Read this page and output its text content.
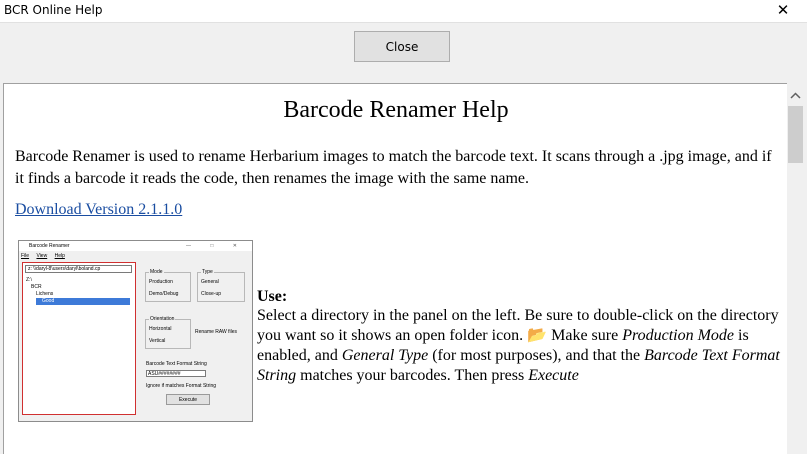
BCR Online Help	✕
Close
Barcode Renamer Help
Barcode Renamer is used to rename Herbarium images to match the barcode text. It scans through a .jpg image, and if it finds a barcode it reads the code, then renames the image with the same name.
Download Version 2.1.1.0
Barcode Renamer	— □ ✕
File View Help
z: \\daryl-8\users\daryl\boland.cp
Z:\
BCR
Lichens
Good
Mode
Production
Demo/Debug
Type
General
Close-up
Orientation
Horizontal
Vertical
Rename RAW files
Barcode Text Format String
ASU########
Ignore if matches Format String
Execute
Use:
Select a directory in the panel on the left. Be sure to double-click on the directory you want so it shows an open folder icon. 📂 Make sure Production Mode is enabled, and General Type (for most purposes), and that the Barcode Text Format String matches your barcodes. Then press Execute
